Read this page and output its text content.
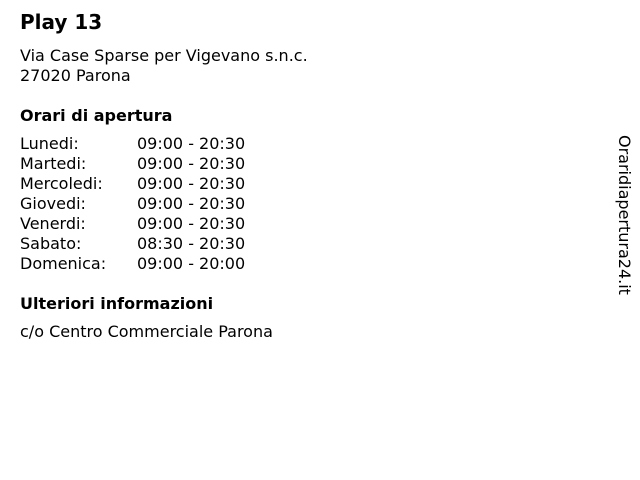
Play 13
Via Case Sparse per Vigevano s.n.c.
27020 Parona
Orari di apertura
Lunedi:	09:00 - 20:30
Martedi:	09:00 - 20:30
Mercoledi:	09:00 - 20:30
Giovedi:	09:00 - 20:30
Venerdi:	09:00 - 20:30
Sabato:	08:30 - 20:30
Domenica:	09:00 - 20:00
Ulteriori informazioni
c/o Centro Commerciale Parona
Oraridiapertura24.it
